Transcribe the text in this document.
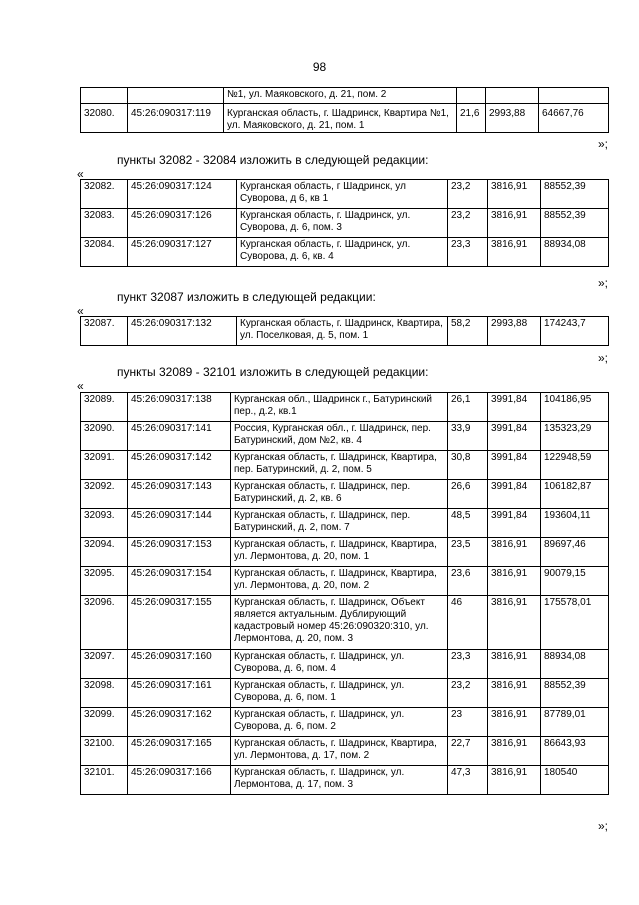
98
		№1, ул. Маяковского, д. 21, пом. 2			
32080.	45:26:090317:119	Курганская область, г. Шадринск, Квартира №1, ул. Маяковского, д. 21, пом. 1	21,6	2993,88	64667,76
»;
пункты 32082 - 32084 изложить в следующей редакции:
«
32082.	45:26:090317:124	Курганская область, г Шадринск, ул Суворова, д 6, кв 1	23,2	3816,91	88552,39
32083.	45:26:090317:126	Курганская область, г. Шадринск, ул. Суворова, д. 6, пом. 3	23,2	3816,91	88552,39
32084.	45:26:090317:127	Курганская область, г. Шадринск, ул. Суворова, д. 6, кв. 4	23,3	3816,91	88934,08
»;
пункт 32087 изложить в следующей редакции:
«
32087.	45:26:090317:132	Курганская область, г. Шадринск, Квартира, ул. Поселковая, д. 5, пом. 1	58,2	2993,88	174243,7
»;
пункты 32089 - 32101 изложить в следующей редакции:
«
32089.	45:26:090317:138	Курганская обл., Шадринск г., Батуринский пер., д.2, кв.1	26,1	3991,84	104186,95
32090.	45:26:090317:141	Россия, Курганская обл., г. Шадринск, пер. Батуринский, дом №2, кв. 4	33,9	3991,84	135323,29
32091.	45:26:090317:142	Курганская область, г. Шадринск, Квартира, пер. Батуринский, д. 2, пом. 5	30,8	3991,84	122948,59
32092.	45:26:090317:143	Курганская область, г. Шадринск, пер. Батуринский, д. 2, кв. 6	26,6	3991,84	106182,87
32093.	45:26:090317:144	Курганская область, г. Шадринск, пер. Батуринский, д. 2, пом. 7	48,5	3991,84	193604,11
32094.	45:26:090317:153	Курганская область, г. Шадринск, Квартира, ул. Лермонтова, д. 20, пом. 1	23,5	3816,91	89697,46
32095.	45:26:090317:154	Курганская область, г. Шадринск, Квартира, ул. Лермонтова, д. 20, пом. 2	23,6	3816,91	90079,15
32096.	45:26:090317:155	Курганская область, г. Шадринск, Объект является актуальным. Дублирующий кадастровый номер 45:26:090320:310, ул. Лермонтова, д. 20, пом. 3	46	3816,91	175578,01
32097.	45:26:090317:160	Курганская область, г. Шадринск, ул. Суворова, д. 6, пом. 4	23,3	3816,91	88934,08
32098.	45:26:090317:161	Курганская область, г. Шадринск, ул. Суворова, д. 6, пом. 1	23,2	3816,91	88552,39
32099.	45:26:090317:162	Курганская область, г. Шадринск, ул. Суворова, д. 6, пом. 2	23	3816,91	87789,01
32100.	45:26:090317:165	Курганская область, г. Шадринск, Квартира, ул. Лермонтова, д. 17, пом. 2	22,7	3816,91	86643,93
32101.	45:26:090317:166	Курганская область, г. Шадринск, ул. Лермонтова, д. 17, пом. 3	47,3	3816,91	180540
»;
